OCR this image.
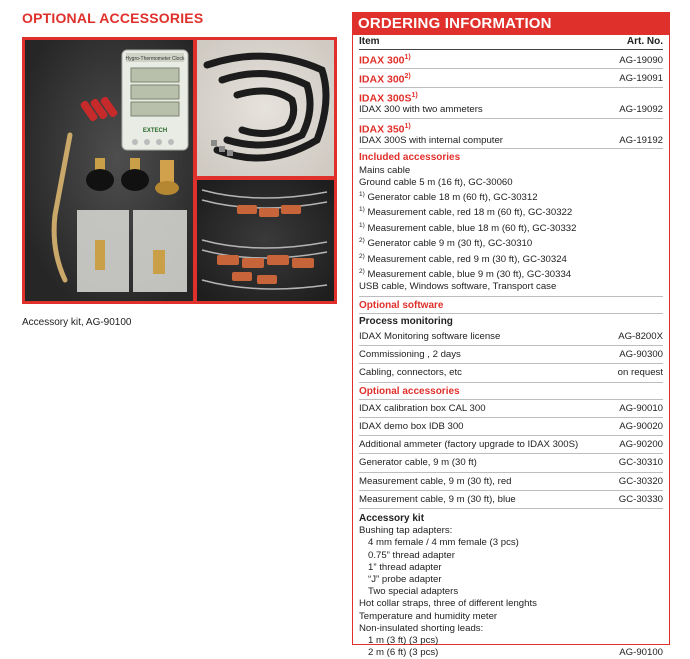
OPTIONAL ACCESSORIES
Hygro-Thermometer Clock
EXTECH
Accessory kit, AG-90100
ORDERING INFORMATION
Item	Art. No.
IDAX 300$^{1)}$	AG-19090
IDAX 300$^{2)}$	AG-19091
IDAX $300S^{1)}$
IDAX 300 with two ammeters	AG-19092
IDAX 350$^{1)}$
IDAX 300S with internal computer	AG-19192
Included accessories
Mains cable
Ground cable 5 m (16 ft), GC-30060
$^{1)}$ Generator cable 18 m (60 ft), GC-30312
$^{1)}$ Measurement cable, red 18 m (60 ft), GC-30322
$^{1)}$ Measurement cable, blue 18 m (60 ft), GC-30332
$^{2)}$ Generator cable 9 m (30 ft), GC-30310
$^{2)}$ Measurement cable, red 9 m (30 ft), GC-30324
$^{2)}$ Measurement cable, blue 9 m (30 ft), GC-30334
USB cable, Windows software, Transport case
Optional software
Process monitoring
IDAX Monitoring software license	AG-8200X
Commissioning , 2 days	AG-90300
Cabling, connectors, etc	on request
Optional accessories
IDAX calibration box CAL 300	AG-90010
IDAX demo box IDB 300	AG-90020
Additional ammeter (factory upgrade to IDAX 300S)	AG-90200
Generator cable, 9 m (30 ft)	GC-30310
Measurement cable, 9 m (30 ft), red	GC-30320
Measurement cable, 9 m (30 ft), blue	GC-30330
Accessory kit
Bushing tap adapters:
4 mm female / 4 mm female (3 pcs)
0.75” thread adapter
1” thread adapter
“J” probe adapter
Two special adapters
Hot collar straps, three of different lenghts
Temperature and humidity meter
Non-insulated shorting leads:
1 m (3 ft) (3 pcs)
2 m (6 ft) (3 pcs)	AG-90100
